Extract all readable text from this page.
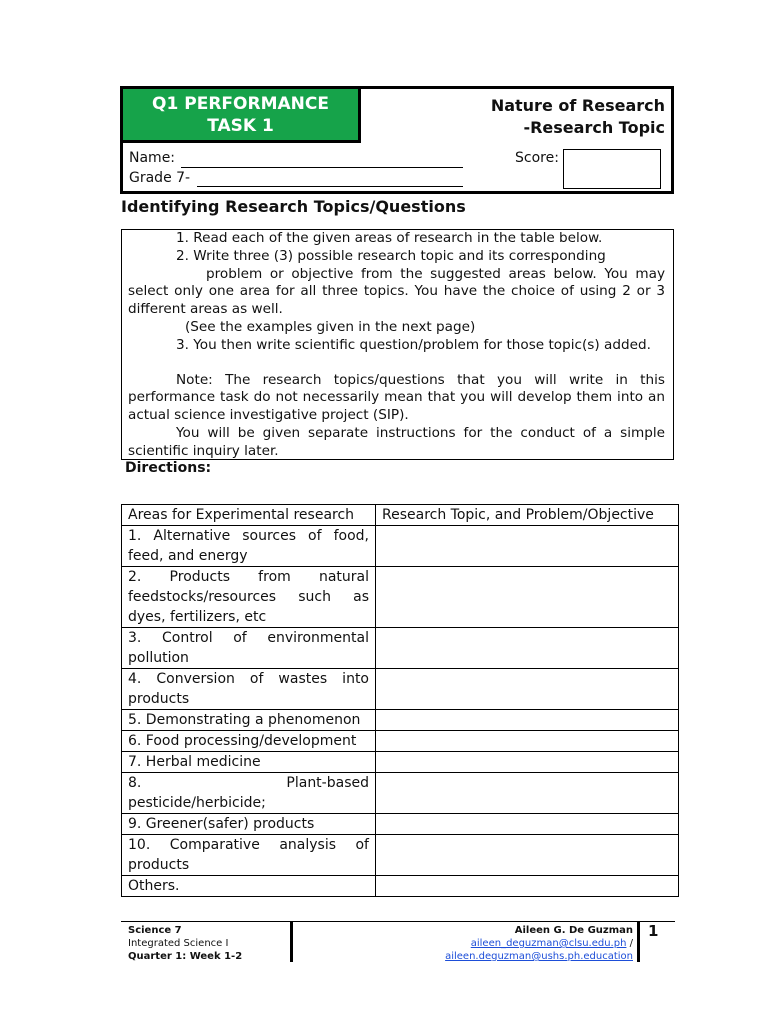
Q1 PERFORMANCE
TASK 1
Nature of Research
-Research Topic
Name:
Grade 7-
Score:
Identifying Research Topics/Questions

1. Read each of the given areas of research in the table below.

2. Write three (3) possible research topic and its corresponding

problem or objective from the suggested areas below. You may select only one area for all three topics. You have the choice of using 2 or 3 different areas as well.

(See the examples given in the next page)

3. You then write scientific question/problem for those topic(s) added.

Note: The research topics/questions that you will write in this performance task do not necessarily mean that you will develop them into an actual science investigative project (SIP).

You will be given separate instructions for the conduct of a simple scientific inquiry later.

Directions:
Areas for Experimental research	Research Topic, and Problem/Objective
1. Alternative sources of food, feed, and energy	
2. Products from natural feedstocks/resources such as dyes, fertilizers, etc	
3. Control of environmental pollution	
4. Conversion of wastes into products	
5. Demonstrating a phenomenon	
6. Food processing/development	
7. Herbal medicine	
8. Plant-based pesticide/herbicide;	
9. Greener(safer) products	
10. Comparative analysis of products	
Others.	
Science 7
Integrated Science I
Quarter 1: Week 1-2
Aileen G. De Guzman
aileen_deguzman@clsu.edu.ph / aileen.deguzman@ushs.ph.education
1
